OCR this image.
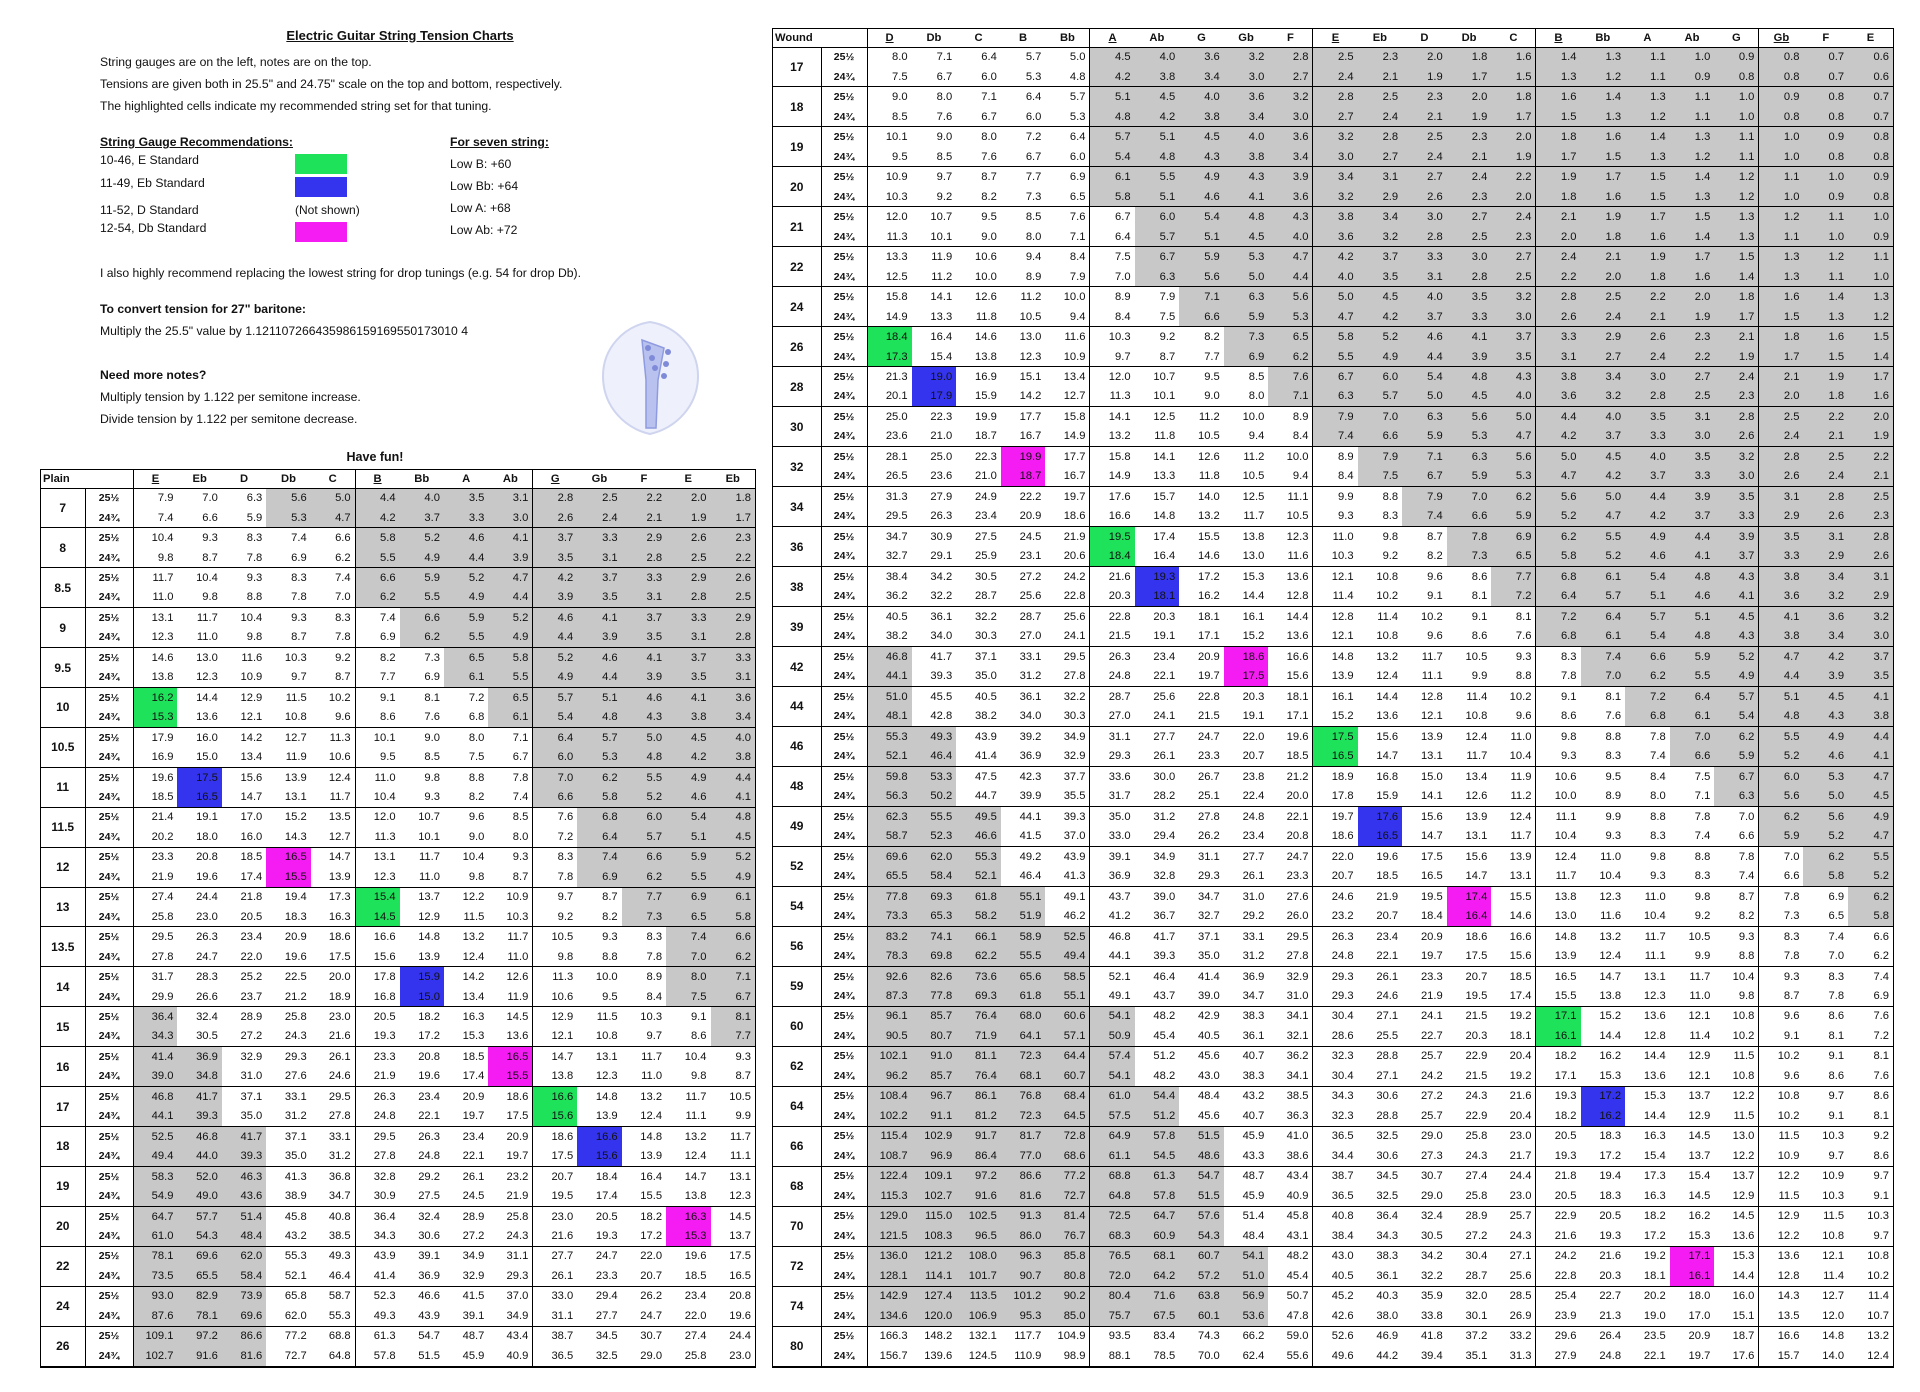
Electric Guitar String Tension Charts
String gauges are on the left, notes are on the top.
Tensions are given both in 25.5" and 24.75" scale on the top and bottom, respectively.
The highlighted cells indicate my recommended string set for that tuning.
String Gauge Recommendations:
10-46, E Standard
11-49, Eb Standard
11-52, D Standard	(Not shown)
12-54, Db Standard
For seven string:
Low B: +60
Low Bb: +64
Low A: +68
Low Ab: +72
I also highly recommend replacing the lowest string for drop tunings (e.g. 54 for drop Db).
To convert tension for 27" baritone:
Multiply the 25.5" value by 1.121107266435986159169550173010 4
Need more notes?
Multiply tension by 1.122 per semitone increase.
Divide tension by 1.122 per semitone decrease.
Have fun!
Plain		E	Eb	D	Db	C	B	Bb	A	Ab	G	Gb	F	E	Eb
7	25½	7.9	7.0	6.3	5.6	5.0	4.4	4.0	3.5	3.1	2.8	2.5	2.2	2.0	1.8
	24¾	7.4	6.6	5.9	5.3	4.7	4.2	3.7	3.3	3.0	2.6	2.4	2.1	1.9	1.7
8	25½	10.4	9.3	8.3	7.4	6.6	5.8	5.2	4.6	4.1	3.7	3.3	2.9	2.6	2.3
	24¾	9.8	8.7	7.8	6.9	6.2	5.5	4.9	4.4	3.9	3.5	3.1	2.8	2.5	2.2
8.5	25½	11.7	10.4	9.3	8.3	7.4	6.6	5.9	5.2	4.7	4.2	3.7	3.3	2.9	2.6
	24¾	11.0	9.8	8.8	7.8	7.0	6.2	5.5	4.9	4.4	3.9	3.5	3.1	2.8	2.5
9	25½	13.1	11.7	10.4	9.3	8.3	7.4	6.6	5.9	5.2	4.6	4.1	3.7	3.3	2.9
	24¾	12.3	11.0	9.8	8.7	7.8	6.9	6.2	5.5	4.9	4.4	3.9	3.5	3.1	2.8
9.5	25½	14.6	13.0	11.6	10.3	9.2	8.2	7.3	6.5	5.8	5.2	4.6	4.1	3.7	3.3
	24¾	13.8	12.3	10.9	9.7	8.7	7.7	6.9	6.1	5.5	4.9	4.4	3.9	3.5	3.1
10	25½	16.2	14.4	12.9	11.5	10.2	9.1	8.1	7.2	6.5	5.7	5.1	4.6	4.1	3.6
	24¾	15.3	13.6	12.1	10.8	9.6	8.6	7.6	6.8	6.1	5.4	4.8	4.3	3.8	3.4
10.5	25½	17.9	16.0	14.2	12.7	11.3	10.1	9.0	8.0	7.1	6.4	5.7	5.0	4.5	4.0
	24¾	16.9	15.0	13.4	11.9	10.6	9.5	8.5	7.5	6.7	6.0	5.3	4.8	4.2	3.8
11	25½	19.6	17.5	15.6	13.9	12.4	11.0	9.8	8.8	7.8	7.0	6.2	5.5	4.9	4.4
	24¾	18.5	16.5	14.7	13.1	11.7	10.4	9.3	8.2	7.4	6.6	5.8	5.2	4.6	4.1
11.5	25½	21.4	19.1	17.0	15.2	13.5	12.0	10.7	9.6	8.5	7.6	6.8	6.0	5.4	4.8
	24¾	20.2	18.0	16.0	14.3	12.7	11.3	10.1	9.0	8.0	7.2	6.4	5.7	5.1	4.5
12	25½	23.3	20.8	18.5	16.5	14.7	13.1	11.7	10.4	9.3	8.3	7.4	6.6	5.9	5.2
	24¾	21.9	19.6	17.4	15.5	13.9	12.3	11.0	9.8	8.7	7.8	6.9	6.2	5.5	4.9
13	25½	27.4	24.4	21.8	19.4	17.3	15.4	13.7	12.2	10.9	9.7	8.7	7.7	6.9	6.1
	24¾	25.8	23.0	20.5	18.3	16.3	14.5	12.9	11.5	10.3	9.2	8.2	7.3	6.5	5.8
13.5	25½	29.5	26.3	23.4	20.9	18.6	16.6	14.8	13.2	11.7	10.5	9.3	8.3	7.4	6.6
	24¾	27.8	24.7	22.0	19.6	17.5	15.6	13.9	12.4	11.0	9.8	8.8	7.8	7.0	6.2
14	25½	31.7	28.3	25.2	22.5	20.0	17.8	15.9	14.2	12.6	11.3	10.0	8.9	8.0	7.1
	24¾	29.9	26.6	23.7	21.2	18.9	16.8	15.0	13.4	11.9	10.6	9.5	8.4	7.5	6.7
15	25½	36.4	32.4	28.9	25.8	23.0	20.5	18.2	16.3	14.5	12.9	11.5	10.3	9.1	8.1
	24¾	34.3	30.5	27.2	24.3	21.6	19.3	17.2	15.3	13.6	12.1	10.8	9.7	8.6	7.7
16	25½	41.4	36.9	32.9	29.3	26.1	23.3	20.8	18.5	16.5	14.7	13.1	11.7	10.4	9.3
	24¾	39.0	34.8	31.0	27.6	24.6	21.9	19.6	17.4	15.5	13.8	12.3	11.0	9.8	8.7
17	25½	46.8	41.7	37.1	33.1	29.5	26.3	23.4	20.9	18.6	16.6	14.8	13.2	11.7	10.5
	24¾	44.1	39.3	35.0	31.2	27.8	24.8	22.1	19.7	17.5	15.6	13.9	12.4	11.1	9.9
18	25½	52.5	46.8	41.7	37.1	33.1	29.5	26.3	23.4	20.9	18.6	16.6	14.8	13.2	11.7
	24¾	49.4	44.0	39.3	35.0	31.2	27.8	24.8	22.1	19.7	17.5	15.6	13.9	12.4	11.1
19	25½	58.3	52.0	46.3	41.3	36.8	32.8	29.2	26.1	23.2	20.7	18.4	16.4	14.7	13.1
	24¾	54.9	49.0	43.6	38.9	34.7	30.9	27.5	24.5	21.9	19.5	17.4	15.5	13.8	12.3
20	25½	64.7	57.7	51.4	45.8	40.8	36.4	32.4	28.9	25.8	23.0	20.5	18.2	16.3	14.5
	24¾	61.0	54.3	48.4	43.2	38.5	34.3	30.6	27.2	24.3	21.6	19.3	17.2	15.3	13.7
22	25½	78.1	69.6	62.0	55.3	49.3	43.9	39.1	34.9	31.1	27.7	24.7	22.0	19.6	17.5
	24¾	73.5	65.5	58.4	52.1	46.4	41.4	36.9	32.9	29.3	26.1	23.3	20.7	18.5	16.5
24	25½	93.0	82.9	73.9	65.8	58.7	52.3	46.6	41.5	37.0	33.0	29.4	26.2	23.4	20.8
	24¾	87.6	78.1	69.6	62.0	55.3	49.3	43.9	39.1	34.9	31.1	27.7	24.7	22.0	19.6
26	25½	109.1	97.2	86.6	77.2	68.8	61.3	54.7	48.7	43.4	38.7	34.5	30.7	27.4	24.4
	24¾	102.7	91.6	81.6	72.7	64.8	57.8	51.5	45.9	40.9	36.5	32.5	29.0	25.8	23.0
Wound		D	Db	C	B	Bb	A	Ab	G	Gb	F	E	Eb	D	Db	C	B	Bb	A	Ab	G	Gb	F	E
17	25½	8.0	7.1	6.4	5.7	5.0	4.5	4.0	3.6	3.2	2.8	2.5	2.3	2.0	1.8	1.6	1.4	1.3	1.1	1.0	0.9	0.8	0.7	0.6
	24¾	7.5	6.7	6.0	5.3	4.8	4.2	3.8	3.4	3.0	2.7	2.4	2.1	1.9	1.7	1.5	1.3	1.2	1.1	0.9	0.8	0.8	0.7	0.6
18	25½	9.0	8.0	7.1	6.4	5.7	5.1	4.5	4.0	3.6	3.2	2.8	2.5	2.3	2.0	1.8	1.6	1.4	1.3	1.1	1.0	0.9	0.8	0.7
	24¾	8.5	7.6	6.7	6.0	5.3	4.8	4.2	3.8	3.4	3.0	2.7	2.4	2.1	1.9	1.7	1.5	1.3	1.2	1.1	1.0	0.8	0.8	0.7
19	25½	10.1	9.0	8.0	7.2	6.4	5.7	5.1	4.5	4.0	3.6	3.2	2.8	2.5	2.3	2.0	1.8	1.6	1.4	1.3	1.1	1.0	0.9	0.8
	24¾	9.5	8.5	7.6	6.7	6.0	5.4	4.8	4.3	3.8	3.4	3.0	2.7	2.4	2.1	1.9	1.7	1.5	1.3	1.2	1.1	1.0	0.8	0.8
20	25½	10.9	9.7	8.7	7.7	6.9	6.1	5.5	4.9	4.3	3.9	3.4	3.1	2.7	2.4	2.2	1.9	1.7	1.5	1.4	1.2	1.1	1.0	0.9
	24¾	10.3	9.2	8.2	7.3	6.5	5.8	5.1	4.6	4.1	3.6	3.2	2.9	2.6	2.3	2.0	1.8	1.6	1.5	1.3	1.2	1.0	0.9	0.8
21	25½	12.0	10.7	9.5	8.5	7.6	6.7	6.0	5.4	4.8	4.3	3.8	3.4	3.0	2.7	2.4	2.1	1.9	1.7	1.5	1.3	1.2	1.1	1.0
	24¾	11.3	10.1	9.0	8.0	7.1	6.4	5.7	5.1	4.5	4.0	3.6	3.2	2.8	2.5	2.3	2.0	1.8	1.6	1.4	1.3	1.1	1.0	0.9
22	25½	13.3	11.9	10.6	9.4	8.4	7.5	6.7	5.9	5.3	4.7	4.2	3.7	3.3	3.0	2.7	2.4	2.1	1.9	1.7	1.5	1.3	1.2	1.1
	24¾	12.5	11.2	10.0	8.9	7.9	7.0	6.3	5.6	5.0	4.4	4.0	3.5	3.1	2.8	2.5	2.2	2.0	1.8	1.6	1.4	1.3	1.1	1.0
24	25½	15.8	14.1	12.6	11.2	10.0	8.9	7.9	7.1	6.3	5.6	5.0	4.5	4.0	3.5	3.2	2.8	2.5	2.2	2.0	1.8	1.6	1.4	1.3
	24¾	14.9	13.3	11.8	10.5	9.4	8.4	7.5	6.6	5.9	5.3	4.7	4.2	3.7	3.3	3.0	2.6	2.4	2.1	1.9	1.7	1.5	1.3	1.2
26	25½	18.4	16.4	14.6	13.0	11.6	10.3	9.2	8.2	7.3	6.5	5.8	5.2	4.6	4.1	3.7	3.3	2.9	2.6	2.3	2.1	1.8	1.6	1.5
	24¾	17.3	15.4	13.8	12.3	10.9	9.7	8.7	7.7	6.9	6.2	5.5	4.9	4.4	3.9	3.5	3.1	2.7	2.4	2.2	1.9	1.7	1.5	1.4
28	25½	21.3	19.0	16.9	15.1	13.4	12.0	10.7	9.5	8.5	7.6	6.7	6.0	5.4	4.8	4.3	3.8	3.4	3.0	2.7	2.4	2.1	1.9	1.7
	24¾	20.1	17.9	15.9	14.2	12.7	11.3	10.1	9.0	8.0	7.1	6.3	5.7	5.0	4.5	4.0	3.6	3.2	2.8	2.5	2.3	2.0	1.8	1.6
30	25½	25.0	22.3	19.9	17.7	15.8	14.1	12.5	11.2	10.0	8.9	7.9	7.0	6.3	5.6	5.0	4.4	4.0	3.5	3.1	2.8	2.5	2.2	2.0
	24¾	23.6	21.0	18.7	16.7	14.9	13.2	11.8	10.5	9.4	8.4	7.4	6.6	5.9	5.3	4.7	4.2	3.7	3.3	3.0	2.6	2.4	2.1	1.9
32	25½	28.1	25.0	22.3	19.9	17.7	15.8	14.1	12.6	11.2	10.0	8.9	7.9	7.1	6.3	5.6	5.0	4.5	4.0	3.5	3.2	2.8	2.5	2.2
	24¾	26.5	23.6	21.0	18.7	16.7	14.9	13.3	11.8	10.5	9.4	8.4	7.5	6.7	5.9	5.3	4.7	4.2	3.7	3.3	3.0	2.6	2.4	2.1
34	25½	31.3	27.9	24.9	22.2	19.7	17.6	15.7	14.0	12.5	11.1	9.9	8.8	7.9	7.0	6.2	5.6	5.0	4.4	3.9	3.5	3.1	2.8	2.5
	24¾	29.5	26.3	23.4	20.9	18.6	16.6	14.8	13.2	11.7	10.5	9.3	8.3	7.4	6.6	5.9	5.2	4.7	4.2	3.7	3.3	2.9	2.6	2.3
36	25½	34.7	30.9	27.5	24.5	21.9	19.5	17.4	15.5	13.8	12.3	11.0	9.8	8.7	7.8	6.9	6.2	5.5	4.9	4.4	3.9	3.5	3.1	2.8
	24¾	32.7	29.1	25.9	23.1	20.6	18.4	16.4	14.6	13.0	11.6	10.3	9.2	8.2	7.3	6.5	5.8	5.2	4.6	4.1	3.7	3.3	2.9	2.6
38	25½	38.4	34.2	30.5	27.2	24.2	21.6	19.3	17.2	15.3	13.6	12.1	10.8	9.6	8.6	7.7	6.8	6.1	5.4	4.8	4.3	3.8	3.4	3.1
	24¾	36.2	32.2	28.7	25.6	22.8	20.3	18.1	16.2	14.4	12.8	11.4	10.2	9.1	8.1	7.2	6.4	5.7	5.1	4.6	4.1	3.6	3.2	2.9
39	25½	40.5	36.1	32.2	28.7	25.6	22.8	20.3	18.1	16.1	14.4	12.8	11.4	10.2	9.1	8.1	7.2	6.4	5.7	5.1	4.5	4.1	3.6	3.2
	24¾	38.2	34.0	30.3	27.0	24.1	21.5	19.1	17.1	15.2	13.6	12.1	10.8	9.6	8.6	7.6	6.8	6.1	5.4	4.8	4.3	3.8	3.4	3.0
42	25½	46.8	41.7	37.1	33.1	29.5	26.3	23.4	20.9	18.6	16.6	14.8	13.2	11.7	10.5	9.3	8.3	7.4	6.6	5.9	5.2	4.7	4.2	3.7
	24¾	44.1	39.3	35.0	31.2	27.8	24.8	22.1	19.7	17.5	15.6	13.9	12.4	11.1	9.9	8.8	7.8	7.0	6.2	5.5	4.9	4.4	3.9	3.5
44	25½	51.0	45.5	40.5	36.1	32.2	28.7	25.6	22.8	20.3	18.1	16.1	14.4	12.8	11.4	10.2	9.1	8.1	7.2	6.4	5.7	5.1	4.5	4.1
	24¾	48.1	42.8	38.2	34.0	30.3	27.0	24.1	21.5	19.1	17.1	15.2	13.6	12.1	10.8	9.6	8.6	7.6	6.8	6.1	5.4	4.8	4.3	3.8
46	25½	55.3	49.3	43.9	39.2	34.9	31.1	27.7	24.7	22.0	19.6	17.5	15.6	13.9	12.4	11.0	9.8	8.8	7.8	7.0	6.2	5.5	4.9	4.4
	24¾	52.1	46.4	41.4	36.9	32.9	29.3	26.1	23.3	20.7	18.5	16.5	14.7	13.1	11.7	10.4	9.3	8.3	7.4	6.6	5.9	5.2	4.6	4.1
48	25½	59.8	53.3	47.5	42.3	37.7	33.6	30.0	26.7	23.8	21.2	18.9	16.8	15.0	13.4	11.9	10.6	9.5	8.4	7.5	6.7	6.0	5.3	4.7
	24¾	56.3	50.2	44.7	39.9	35.5	31.7	28.2	25.1	22.4	20.0	17.8	15.9	14.1	12.6	11.2	10.0	8.9	8.0	7.1	6.3	5.6	5.0	4.5
49	25½	62.3	55.5	49.5	44.1	39.3	35.0	31.2	27.8	24.8	22.1	19.7	17.6	15.6	13.9	12.4	11.1	9.9	8.8	7.8	7.0	6.2	5.6	4.9
	24¾	58.7	52.3	46.6	41.5	37.0	33.0	29.4	26.2	23.4	20.8	18.6	16.5	14.7	13.1	11.7	10.4	9.3	8.3	7.4	6.6	5.9	5.2	4.7
52	25½	69.6	62.0	55.3	49.2	43.9	39.1	34.9	31.1	27.7	24.7	22.0	19.6	17.5	15.6	13.9	12.4	11.0	9.8	8.8	7.8	7.0	6.2	5.5
	24¾	65.5	58.4	52.1	46.4	41.3	36.9	32.8	29.3	26.1	23.3	20.7	18.5	16.5	14.7	13.1	11.7	10.4	9.3	8.3	7.4	6.6	5.8	5.2
54	25½	77.8	69.3	61.8	55.1	49.1	43.7	39.0	34.7	31.0	27.6	24.6	21.9	19.5	17.4	15.5	13.8	12.3	11.0	9.8	8.7	7.8	6.9	6.2
	24¾	73.3	65.3	58.2	51.9	46.2	41.2	36.7	32.7	29.2	26.0	23.2	20.7	18.4	16.4	14.6	13.0	11.6	10.4	9.2	8.2	7.3	6.5	5.8
56	25½	83.2	74.1	66.1	58.9	52.5	46.8	41.7	37.1	33.1	29.5	26.3	23.4	20.9	18.6	16.6	14.8	13.2	11.7	10.5	9.3	8.3	7.4	6.6
	24¾	78.3	69.8	62.2	55.5	49.4	44.1	39.3	35.0	31.2	27.8	24.8	22.1	19.7	17.5	15.6	13.9	12.4	11.1	9.9	8.8	7.8	7.0	6.2
59	25½	92.6	82.6	73.6	65.6	58.5	52.1	46.4	41.4	36.9	32.9	29.3	26.1	23.3	20.7	18.5	16.5	14.7	13.1	11.7	10.4	9.3	8.3	7.4
	24¾	87.3	77.8	69.3	61.8	55.1	49.1	43.7	39.0	34.7	31.0	29.3	24.6	21.9	19.5	17.4	15.5	13.8	12.3	11.0	9.8	8.7	7.8	6.9
60	25½	96.1	85.7	76.4	68.0	60.6	54.1	48.2	42.9	38.3	34.1	30.4	27.1	24.1	21.5	19.2	17.1	15.2	13.6	12.1	10.8	9.6	8.6	7.6
	24¾	90.5	80.7	71.9	64.1	57.1	50.9	45.4	40.5	36.1	32.1	28.6	25.5	22.7	20.3	18.1	16.1	14.4	12.8	11.4	10.2	9.1	8.1	7.2
62	25½	102.1	91.0	81.1	72.3	64.4	57.4	51.2	45.6	40.7	36.2	32.3	28.8	25.7	22.9	20.4	18.2	16.2	14.4	12.9	11.5	10.2	9.1	8.1
	24¾	96.2	85.7	76.4	68.1	60.7	54.1	48.2	43.0	38.3	34.1	30.4	27.1	24.2	21.5	19.2	17.1	15.3	13.6	12.1	10.8	9.6	8.6	7.6
64	25½	108.4	96.7	86.1	76.8	68.4	61.0	54.4	48.4	43.2	38.5	34.3	30.6	27.2	24.3	21.6	19.3	17.2	15.3	13.7	12.2	10.8	9.7	8.6
	24¾	102.2	91.1	81.2	72.3	64.5	57.5	51.2	45.6	40.7	36.3	32.3	28.8	25.7	22.9	20.4	18.2	16.2	14.4	12.9	11.5	10.2	9.1	8.1
66	25½	115.4	102.9	91.7	81.7	72.8	64.9	57.8	51.5	45.9	41.0	36.5	32.5	29.0	25.8	23.0	20.5	18.3	16.3	14.5	13.0	11.5	10.3	9.2
	24¾	108.7	96.9	86.4	77.0	68.6	61.1	54.5	48.6	43.3	38.6	34.4	30.6	27.3	24.3	21.7	19.3	17.2	15.4	13.7	12.2	10.9	9.7	8.6
68	25½	122.4	109.1	97.2	86.6	77.2	68.8	61.3	54.7	48.7	43.4	38.7	34.5	30.7	27.4	24.4	21.8	19.4	17.3	15.4	13.7	12.2	10.9	9.7
	24¾	115.3	102.7	91.6	81.6	72.7	64.8	57.8	51.5	45.9	40.9	36.5	32.5	29.0	25.8	23.0	20.5	18.3	16.3	14.5	12.9	11.5	10.3	9.1
70	25½	129.0	115.0	102.5	91.3	81.4	72.5	64.7	57.6	51.4	45.8	40.8	36.4	32.4	28.9	25.7	22.9	20.5	18.2	16.2	14.5	12.9	11.5	10.3
	24¾	121.5	108.3	96.5	86.0	76.7	68.3	60.9	54.3	48.4	43.1	38.4	34.3	30.5	27.2	24.3	21.6	19.3	17.2	15.3	13.6	12.2	10.8	9.7
72	25½	136.0	121.2	108.0	96.3	85.8	76.5	68.1	60.7	54.1	48.2	43.0	38.3	34.2	30.4	27.1	24.2	21.6	19.2	17.1	15.3	13.6	12.1	10.8
	24¾	128.1	114.1	101.7	90.7	80.8	72.0	64.2	57.2	51.0	45.4	40.5	36.1	32.2	28.7	25.6	22.8	20.3	18.1	16.1	14.4	12.8	11.4	10.2
74	25½	142.9	127.4	113.5	101.2	90.2	80.4	71.6	63.8	56.9	50.7	45.2	40.3	35.9	32.0	28.5	25.4	22.7	20.2	18.0	16.0	14.3	12.7	11.4
	24¾	134.6	120.0	106.9	95.3	85.0	75.7	67.5	60.1	53.6	47.8	42.6	38.0	33.8	30.1	26.9	23.9	21.3	19.0	17.0	15.1	13.5	12.0	10.7
80	25½	166.3	148.2	132.1	117.7	104.9	93.5	83.4	74.3	66.2	59.0	52.6	46.9	41.8	37.2	33.2	29.6	26.4	23.5	20.9	18.7	16.6	14.8	13.2
	24¾	156.7	139.6	124.5	110.9	98.9	88.1	78.5	70.0	62.4	55.6	49.6	44.2	39.4	35.1	31.3	27.9	24.8	22.1	19.7	17.6	15.7	14.0	12.4
